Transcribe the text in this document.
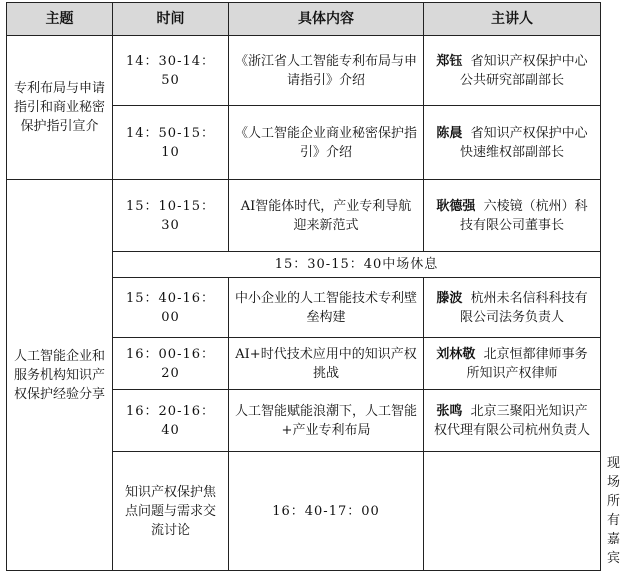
主题	时间	具体内容	主讲人	
专利布局与申请指引和商业秘密保护指引宣介	14：30-14：50	《浙江省人工智能专利布局与申请指引》介绍	郑钰 省知识产权保护中心公共研究部副部长	
	14：50-15：10	《人工智能企业商业秘密保护指引》介绍	陈晨 省知识产权保护中心快速维权部副部长	
人工智能企业和服务机构知识产权保护经验分享	15：10-15：30	AI智能体时代，产业专利导航迎来新范式	耿德强 六棱镜（杭州）科技有限公司董事长	
	15：30-15：40中场休息			
	15：40-16：00	中小企业的人工智能技术专利壁垒构建	滕波 杭州未名信科科技有限公司法务负责人	
	16：00-16：20	AI+时代技术应用中的知识产权挑战	刘林敬 北京恒都律师事务所知识产权律师	
	16：20-16：40	人工智能赋能浪潮下，人工智能+产业专利布局	张鸣 北京三聚阳光知识产权代理有限公司杭州负责人	
	知识产权保护焦点问题与需求交流讨论	16：40-17：00		现场所有嘉宾
